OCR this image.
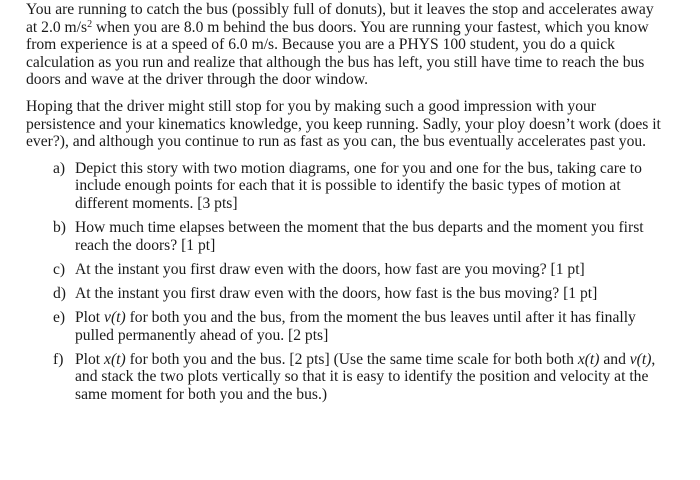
You are running to catch the bus (possibly full of donuts), but it leaves the stop and accelerates away at 2.0 $m/s^2$ when you are 8.0 m behind the bus doors. You are running your fastest, which you know from experience is at a speed of 6.0 m/s. Because you are a PHYS 100 student, you do a quick calculation as you run and realize that although the bus has left, you still have time to reach the bus doors and wave at the driver through the door window.

Hoping that the driver might still stop for you by making such a good impression with your persistence and your kinematics knowledge, you keep running. Sadly, your ploy doesn’t work (does it ever?), and although you continue to run as fast as you can, the bus eventually accelerates past you.

a) Depict this story with two motion diagrams, one for you and one for the bus, taking care to include enough points for each that it is possible to identify the basic types of motion at different moments. [3 pts]
b) How much time elapses between the moment that the bus departs and the moment you first reach the doors? [1 pt]
c) At the instant you first draw even with the doors, how fast are you moving? [1 pt]
d) At the instant you first draw even with the doors, how fast is the bus moving? [1 pt]
e) Plot v(t) for both you and the bus, from the moment the bus leaves until after it has finally pulled permanently ahead of you. [2 pts]
f) Plot x(t) for both you and the bus. [2 pts] (Use the same time scale for both both x(t) and v(t), and stack the two plots vertically so that it is easy to identify the position and velocity at the same moment for both you and the bus.)
